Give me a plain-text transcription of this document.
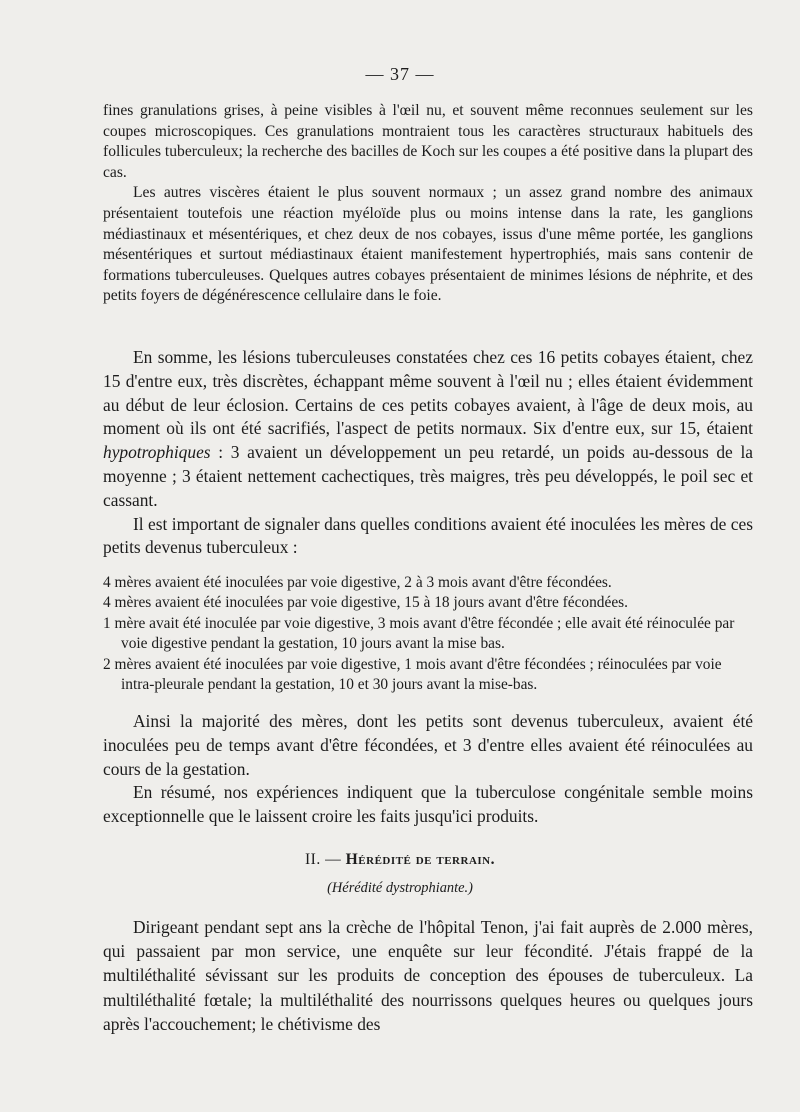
— 37 —

fines granulations grises, à peine visibles à l'œil nu, et souvent même reconnues seulement sur les coupes microscopiques. Ces granulations montraient tous les caractères structuraux habituels des follicules tuberculeux; la recherche des bacilles de Koch sur les coupes a été positive dans la plupart des cas.

Les autres viscères étaient le plus souvent normaux ; un assez grand nombre des animaux présentaient toutefois une réaction myéloïde plus ou moins intense dans la rate, les ganglions médiastinaux et mésentériques, et chez deux de nos cobayes, issus d'une même portée, les ganglions mésentériques et surtout médiastinaux étaient manifestement hypertrophiés, mais sans contenir de formations tuberculeuses. Quelques autres cobayes présentaient de minimes lésions de néphrite, et des petits foyers de dégénérescence cellulaire dans le foie.

En somme, les lésions tuberculeuses constatées chez ces 16 petits cobayes étaient, chez 15 d'entre eux, très discrètes, échappant même souvent à l'œil nu ; elles étaient évidemment au début de leur éclosion. Certains de ces petits cobayes avaient, à l'âge de deux mois, au moment où ils ont été sacrifiés, l'aspect de petits normaux. Six d'entre eux, sur 15, étaient hypotrophiques : 3 avaient un développement un peu retardé, un poids au-dessous de la moyenne ; 3 étaient nettement cachectiques, très maigres, très peu développés, le poil sec et cassant.

Il est important de signaler dans quelles conditions avaient été inoculées les mères de ces petits devenus tuberculeux :

4 mères avaient été inoculées par voie digestive, 2 à 3 mois avant d'être fécondées.

4 mères avaient été inoculées par voie digestive, 15 à 18 jours avant d'être fécondées.

1 mère avait été inoculée par voie digestive, 3 mois avant d'être fécondée ; elle avait été réinoculée par voie digestive pendant la gestation, 10 jours avant la mise bas.

2 mères avaient été inoculées par voie digestive, 1 mois avant d'être fécondées ; réinoculées par voie intra-pleurale pendant la gestation, 10 et 30 jours avant la mise-bas.

Ainsi la majorité des mères, dont les petits sont devenus tuberculeux, avaient été inoculées peu de temps avant d'être fécondées, et 3 d'entre elles avaient été réinoculées au cours de la gestation.

En résumé, nos expériences indiquent que la tuberculose congénitale semble moins exceptionnelle que le laissent croire les faits jusqu'ici produits.

II. — Hérédité de terrain.
(Hérédité dystrophiante.)

Dirigeant pendant sept ans la crèche de l'hôpital Tenon, j'ai fait auprès de 2.000 mères, qui passaient par mon service, une enquête sur leur fécondité. J'étais frappé de la multiléthalité sévissant sur les produits de conception des épouses de tuberculeux. La multiléthalité fœtale; la multiléthalité des nourrissons quelques heures ou quelques jours après l'accouchement; le chétivisme des
